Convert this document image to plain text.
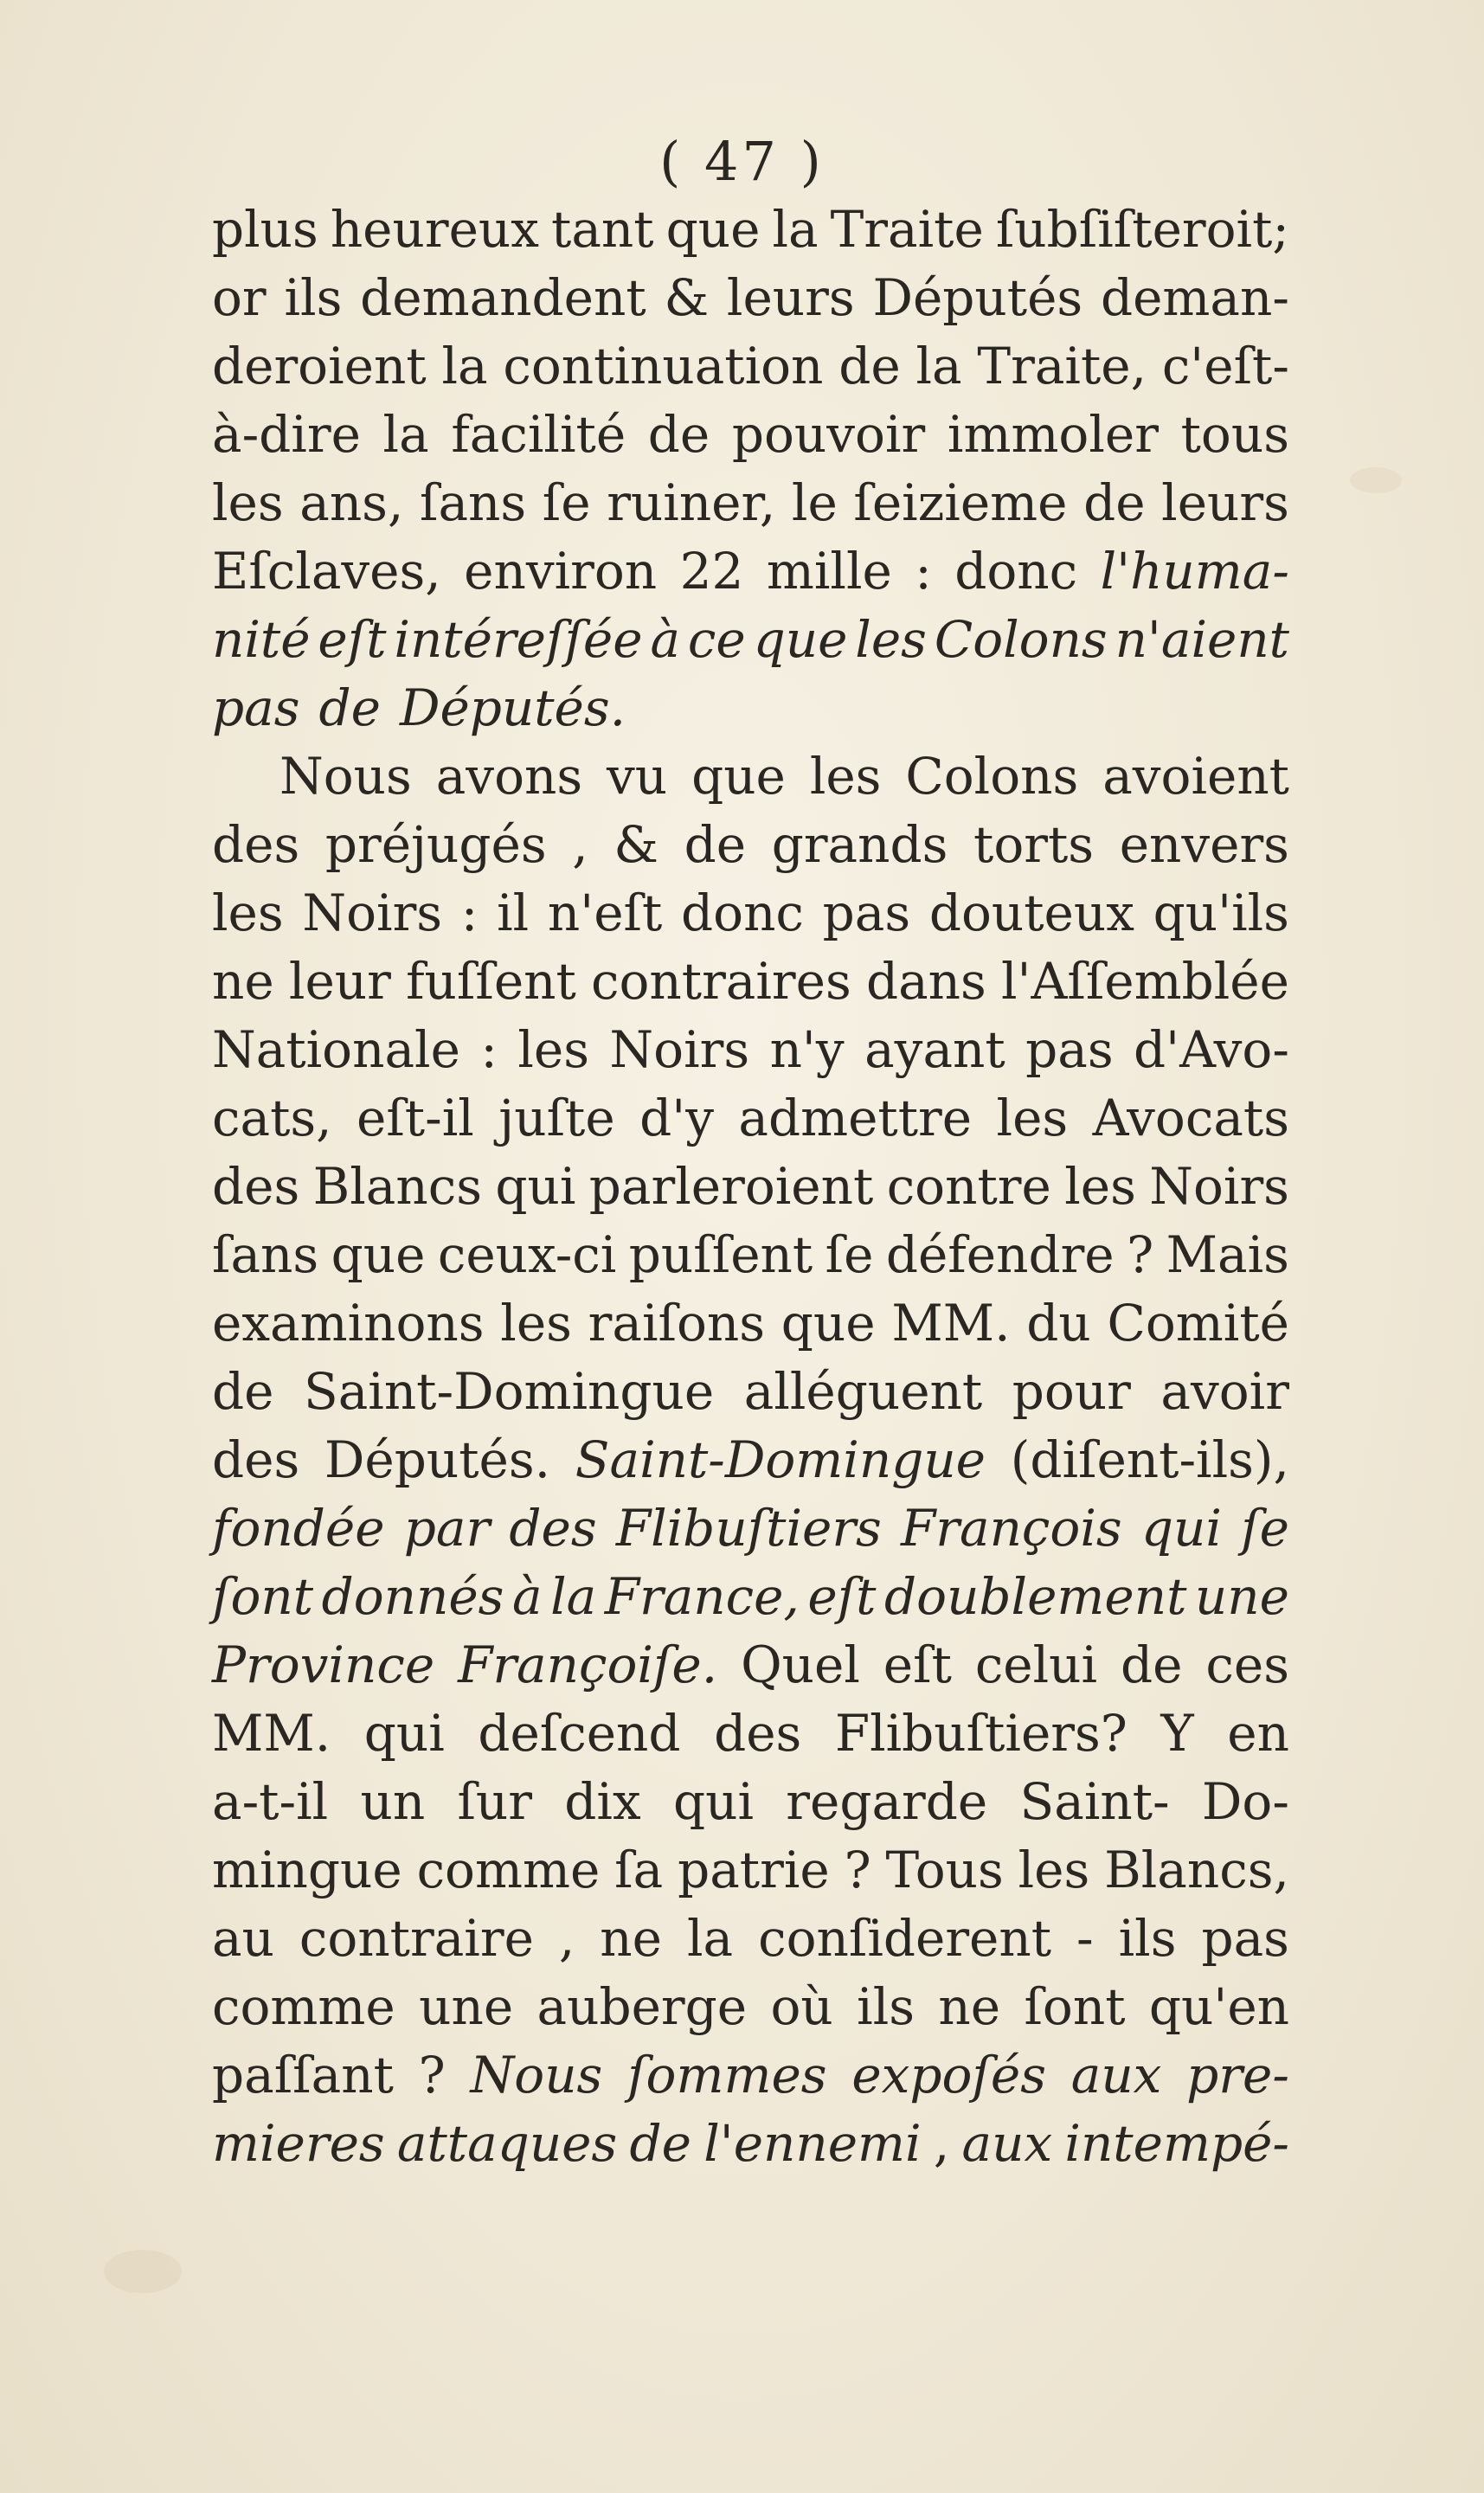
( 47 )
plus heureux tant que la Traite ſubſiſteroit;
or ils demandent & leurs Députés deman-
deroient la continuation de la Traite, c'eſt-
à-dire la facilité de pouvoir immoler tous
les ans, ſans ſe ruiner, le ſeizieme de leurs
Eſclaves, environ 22 mille : donc l'huma-
nité eſt intéreſſée à ce que les Colons n'aient
pas de Députés.
Nous avons vu que les Colons avoient
des préjugés , & de grands torts envers
les Noirs : il n'eſt donc pas douteux qu'ils
ne leur fuſſent contraires dans l'Aſſemblée
Nationale : les Noirs n'y ayant pas d'Avo-
cats, eſt-il juſte d'y admettre les Avocats
des Blancs qui parleroient contre les Noirs
ſans que ceux-ci puſſent ſe défendre ? Mais
examinons les raiſons que MM. du Comité
de Saint-Domingue alléguent pour avoir
des Députés. Saint-Domingue (diſent-ils),
fondée par des Flibuſtiers François qui ſe
ſont donnés à la France, eſt doublement une
Province Françoiſe. Quel eſt celui de ces
MM. qui deſcend des Flibuſtiers? Y en
a-t-il un ſur dix qui regarde Saint- Do-
mingue comme ſa patrie ? Tous les Blancs,
au contraire , ne la conſiderent - ils pas
comme une auberge où ils ne ſont qu'en
paſſant ? Nous ſommes expoſés aux pre-
mieres attaques de l'ennemi , aux intempé-
